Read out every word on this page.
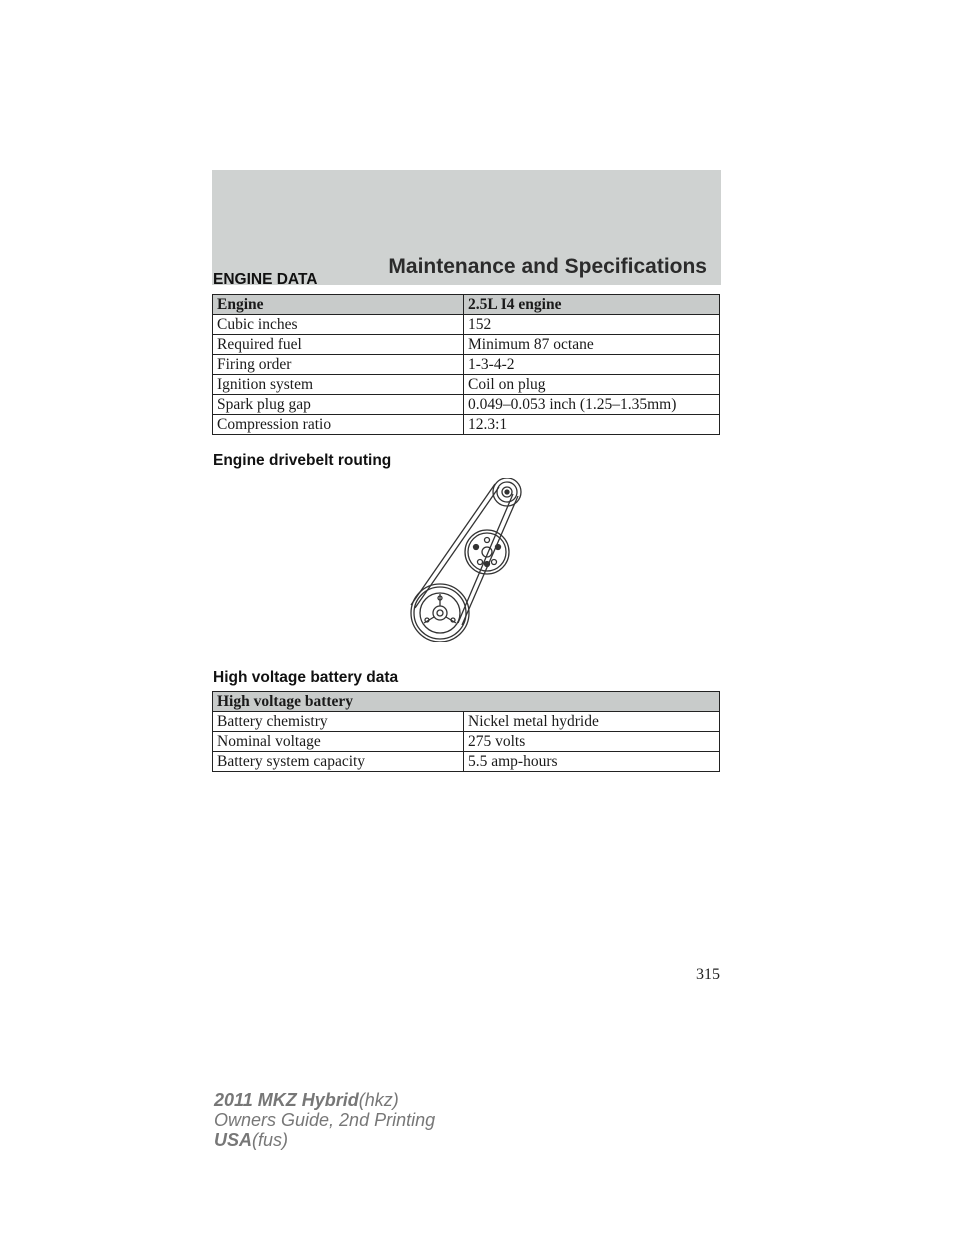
Maintenance and Specifications
ENGINE DATA
Engine	2.5L I4 engine
Cubic inches	152
Required fuel	Minimum 87 octane
Firing order	1-3-4-2
Ignition system	Coil on plug
Spark plug gap	0.049–0.053 inch (1.25–1.35mm)
Compression ratio	12.3:1
Engine drivebelt routing
High voltage battery data
High voltage battery	
Battery chemistry	Nickel metal hydride
Nominal voltage	275 volts
Battery system capacity	5.5 amp-hours
315
2011 MKZ Hybrid(hkz)
Owners Guide, 2nd Printing
USA(fus)
